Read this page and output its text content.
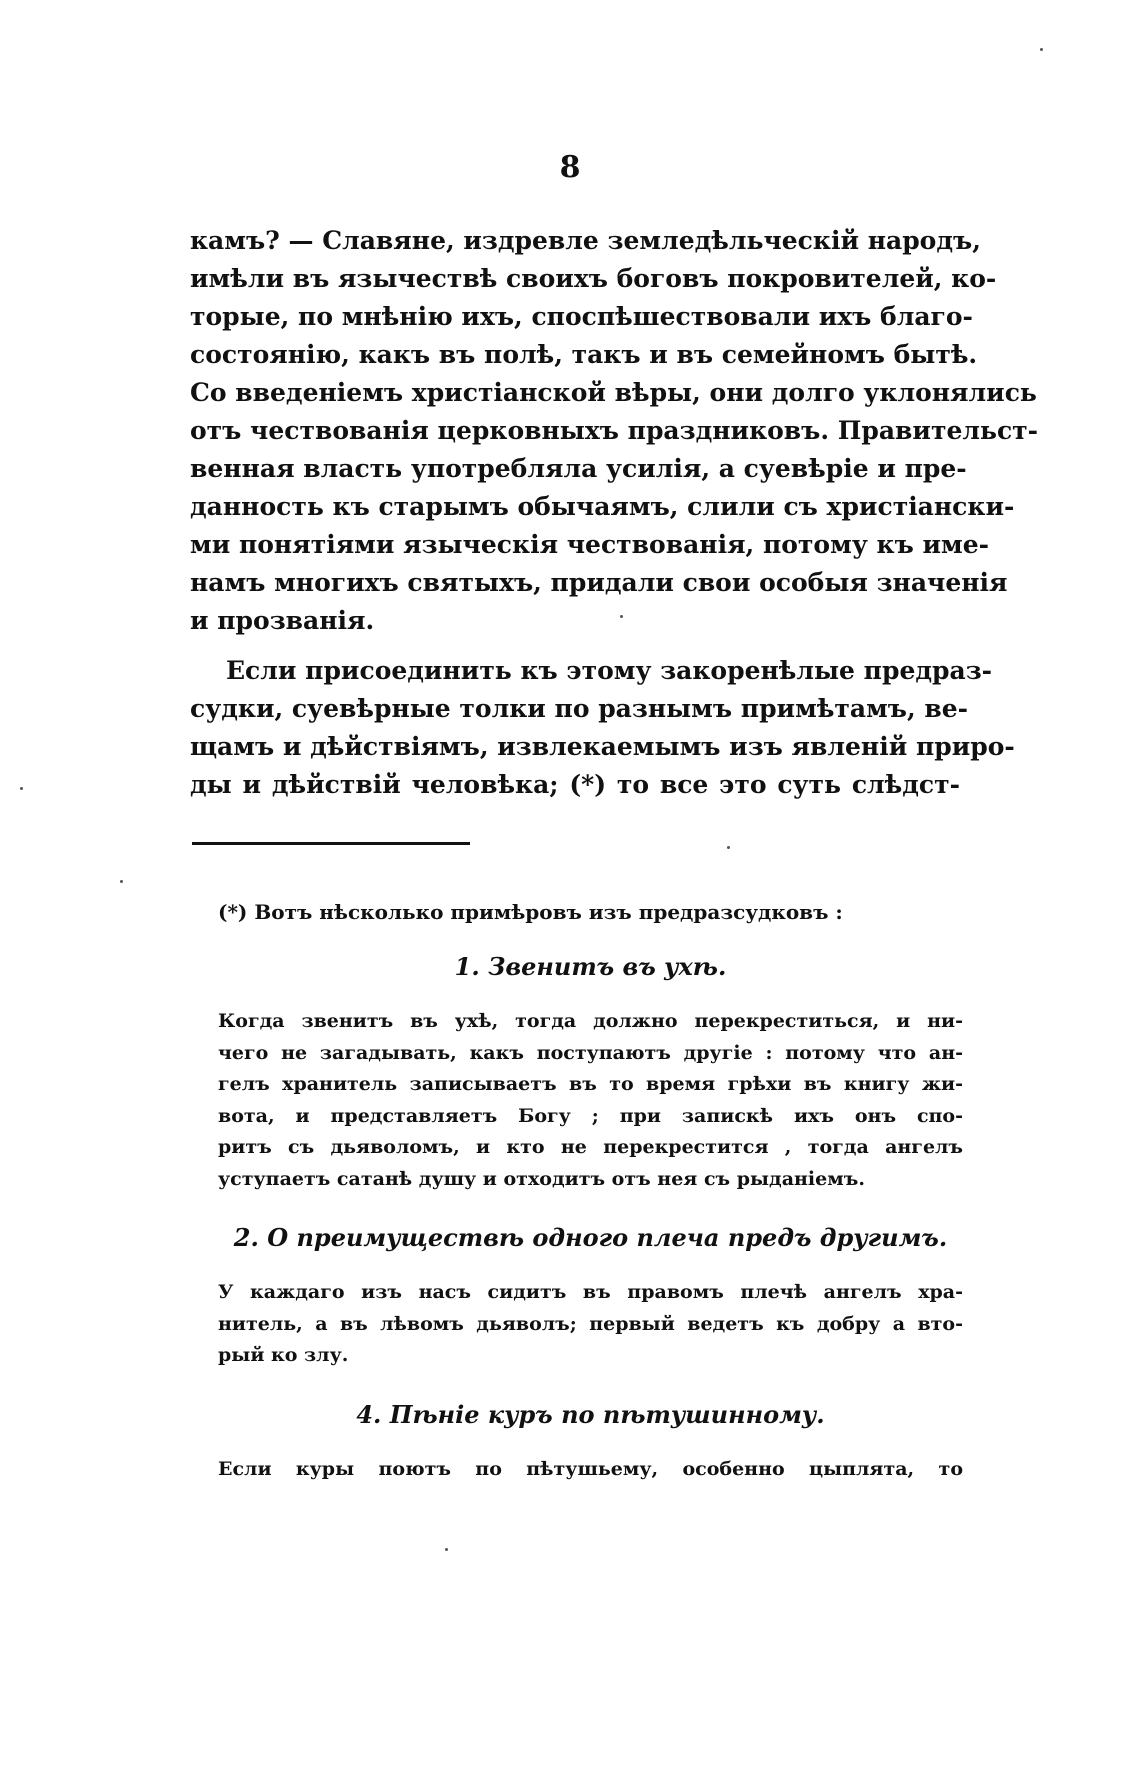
8
камъ? — Славяне, издревле земледѣльческій народъ,
имѣли въ язычествѣ своихъ боговъ покровителей, ко-
торые, по мнѣнію ихъ, споспѣшествовали ихъ благо-
состоянію, какъ въ полѣ, такъ и въ семейномъ бытѣ.
Со введеніемъ христіанской вѣры, они долго уклонялись
отъ чествованія церковныхъ праздниковъ. Правительст-
венная власть употребляла усилія, а суевѣріе и пре-
данность къ старымъ обычаямъ, слили съ христіански-
ми понятіями языческія чествованія, потому къ име-
намъ многихъ святыхъ, придали свои особыя значенія
и прозванія.
Если присоединить къ этому закоренѣлые предраз-
судки, суевѣрные толки по разнымъ примѣтамъ, ве-
щамъ и дѣйствіямъ, извлекаемымъ изъ явленій приро-
ды и дѣйствій человѣка; (*) то все это суть слѣдст-
(*) Вотъ нѣсколько примѣровъ изъ предразсудковъ :
1. Звенитъ въ ухѣ.
Когда звенитъ въ ухѣ, тогда должно перекреститься, и ни-
чего не загадывать, какъ поступаютъ другіе : потому что ан-
гелъ хранитель записываетъ въ то время грѣхи въ книгу жи-
вота, и представляетъ Богу ; при запискѣ ихъ онъ спо-
ритъ съ дьяволомъ, и кто не перекрестится , тогда ангелъ
уступаетъ сатанѣ душу и отходитъ отъ нея съ рыданіемъ.
2. О преимуществѣ одного плеча предъ другимъ.
У каждаго изъ насъ сидитъ въ правомъ плечѣ ангелъ хра-
нитель, а въ лѣвомъ дьяволъ; первый ведетъ къ добру а вто-
рый ко злу.
4. Пѣніе куръ по пѣтушинному.
Если куры поютъ по пѣтушьему, особенно цыплята, то
